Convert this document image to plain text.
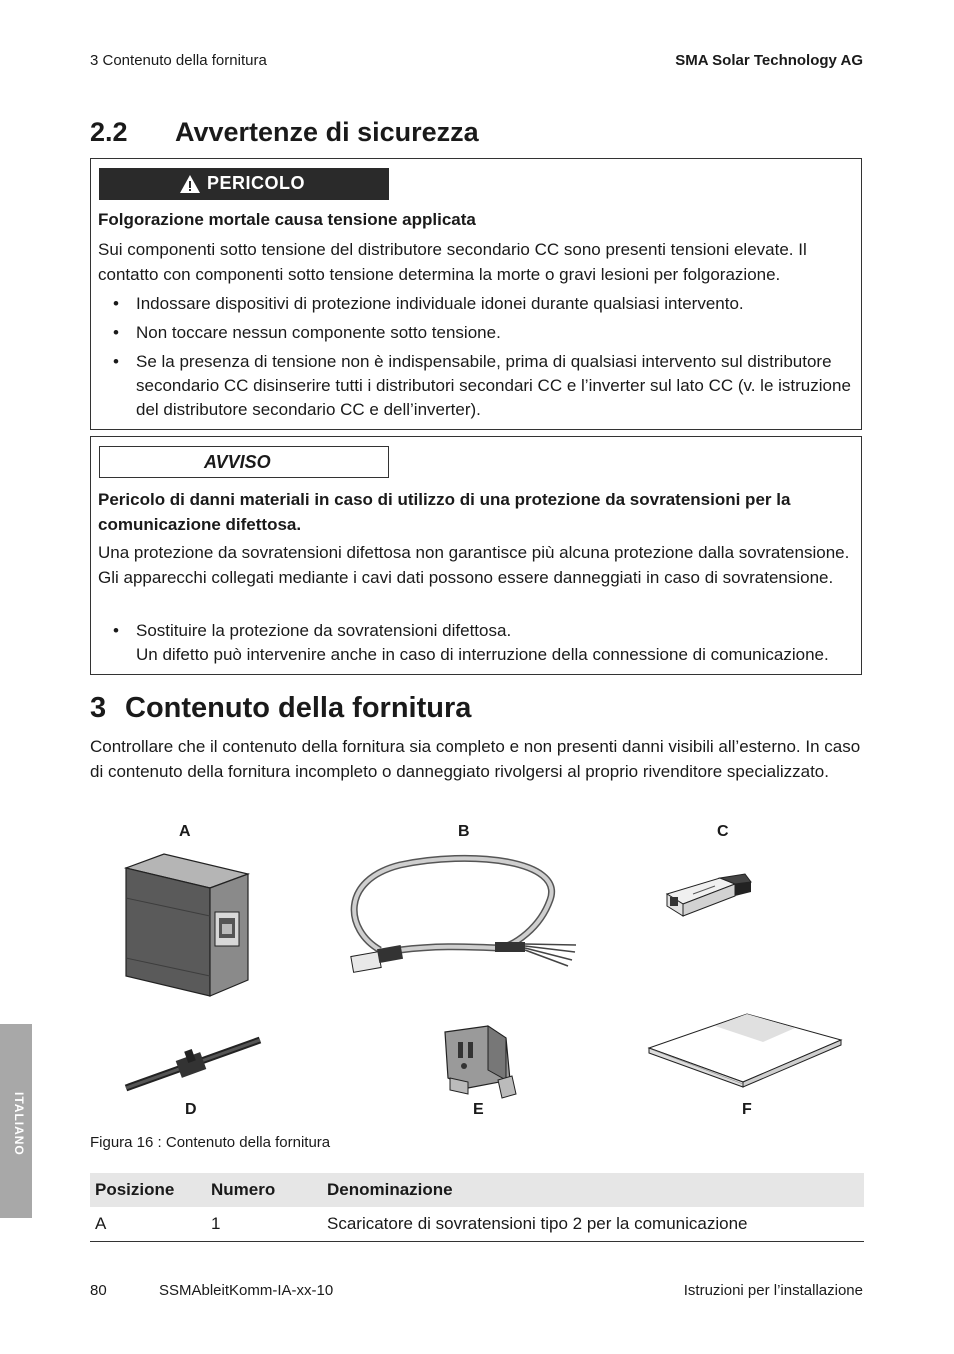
3 Contenuto della fornitura	SMA Solar Technology AG
2.2 Avvertenze di sicurezza
PERICOLO
Folgorazione mortale causa tensione applicata
Sui componenti sotto tensione del distributore secondario CC sono presenti tensioni elevate. Il
contatto con componenti sotto tensione determina la morte o gravi lesioni per folgorazione.
• Indossare dispositivi di protezione individuale idonei durante qualsiasi intervento.
• Non toccare nessun componente sotto tensione.
• Se la presenza di tensione non è indispensabile, prima di qualsiasi intervento sul distributore secondario CC disinserire tutti i distributori secondari CC e l’inverter sul lato CC (v. le istruzione del distributore secondario CC e dell’inverter).
AVVISO
Pericolo di danni materiali in caso di utilizzo di una protezione da sovratensioni per la comunicazione difettosa.
Una protezione da sovratensioni difettosa non garantisce più alcuna protezione dalla sovratensione. Gli apparecchi collegati mediante i cavi dati possono essere danneggiati in caso di sovratensione.
• Sostituire la protezione da sovratensioni difettosa.
Un difetto può intervenire anche in caso di interruzione della connessione di comunicazione.
3 Contenuto della fornitura
Controllare che il contenuto della fornitura sia completo e non presenti danni visibili all’esterno. In caso di contenuto della fornitura incompleto o danneggiato rivolgersi al proprio rivenditore specializzato.
A	B	C
D	E	F
Figura 16 : Contenuto della fornitura
Posizione	Numero	Denominazione
A	1	Scaricatore di sovratensioni tipo 2 per la comunicazione
ITALIANO
80	SSMAbleitKomm-IA-xx-10	Istruzioni per l’installazione
